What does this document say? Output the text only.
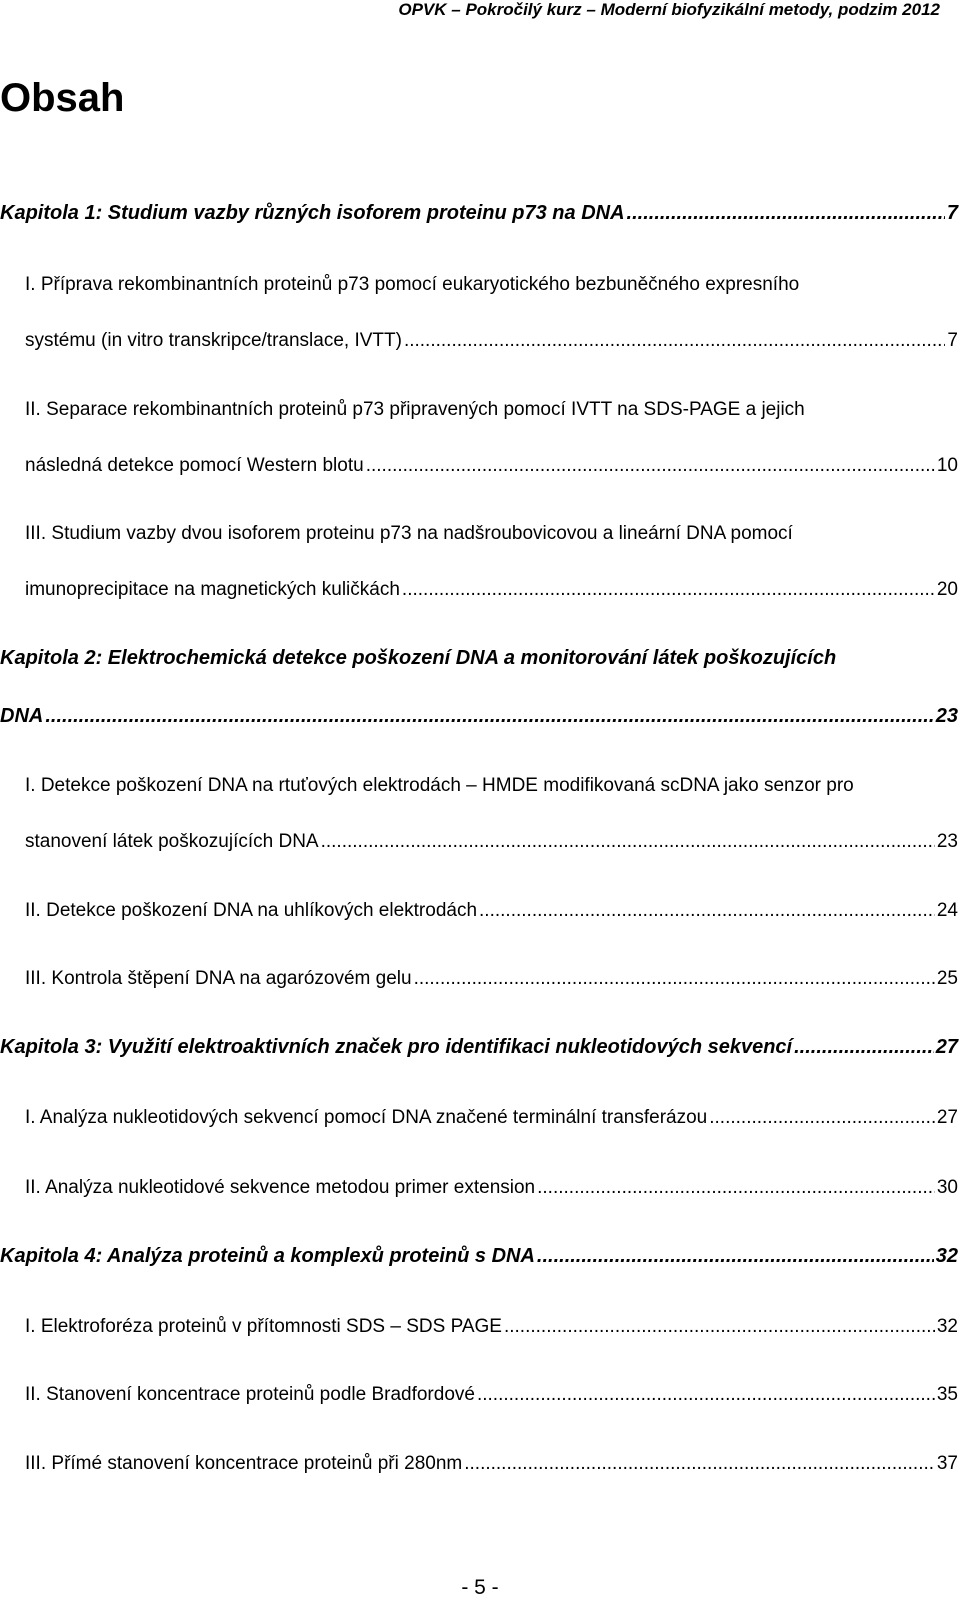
OPVK – Pokročilý kurz – Moderní biofyzikální metody, podzim 2012
Obsah
Kapitola 1: Studium vazby různých isoforem proteinu p73 na DNA .....	7
I. Příprava rekombinantních proteinů p73 pomocí eukaryotického bezbuněčného expresního
systému (in vitro transkripce/translace, IVTT) .....	7
II. Separace rekombinantních proteinů p73 připravených pomocí IVTT na SDS-PAGE a jejich
následná detekce pomocí Western blotu .....	10
III. Studium vazby dvou isoforem proteinu p73 na nadšroubovicovou a lineární DNA pomocí
imunoprecipitace na magnetických kuličkách .....	20
Kapitola 2: Elektrochemická detekce poškození DNA a monitorování látek poškozujících
DNA .....	23
I. Detekce poškození DNA na rtuťových elektrodách – HMDE modifikovaná scDNA jako senzor pro
stanovení látek poškozujících DNA .....	23
II. Detekce poškození DNA na uhlíkových elektrodách .....	24
III. Kontrola štěpení DNA na agarózovém gelu .....	25
Kapitola 3: Využití elektroaktivních značek pro identifikaci nukleotidových sekvencí .....	27
I. Analýza nukleotidových sekvencí pomocí DNA značené terminální transferázou .....	27
II. Analýza nukleotidové sekvence metodou primer extension .....	30
Kapitola 4: Analýza proteinů a komplexů proteinů s DNA .....	32
I. Elektroforéza proteinů v přítomnosti SDS – SDS PAGE .....	32
II. Stanovení koncentrace proteinů podle Bradfordové .....	35
III. Přímé stanovení koncentrace proteinů při 280nm .....	37
- 5 -
